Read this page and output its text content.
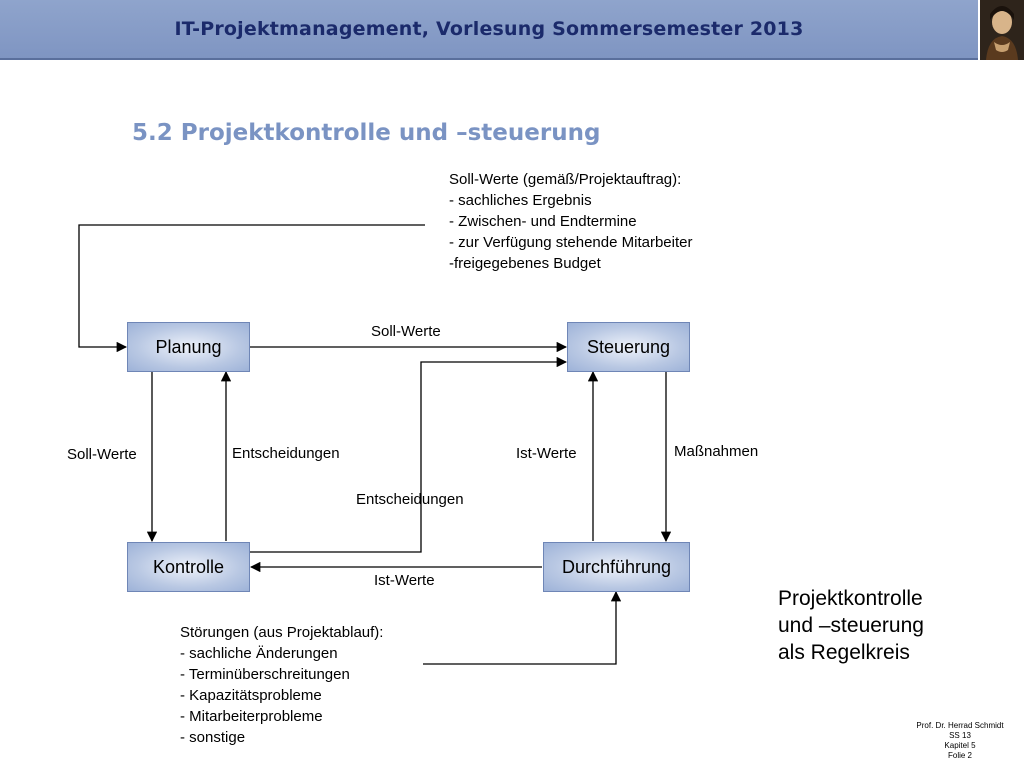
IT-Projektmanagement, Vorlesung Sommersemester 2013
5.2 Projektkontrolle und –steuerung
Soll-Werte (gemäß/Projektauftrag):
- sachliches Ergebnis
- Zwischen- und Endtermine
- zur Verfügung stehende Mitarbeiter
-freigegebenes Budget
Planung	Steuerung
Kontrolle	Durchführung
Soll-Werte
Soll-Werte	Entscheidungen
Entscheidungen
Ist-Werte	Maßnahmen
Ist-Werte
Störungen (aus Projektablauf):
- sachliche Änderungen
- Terminüberschreitungen
- Kapazitätsprobleme
- Mitarbeiterprobleme
- sonstige
Projektkontrolle
und –steuerung
als Regelkreis
Prof. Dr. Herrad Schmidt
SS 13
Kapitel 5
Folie 2
